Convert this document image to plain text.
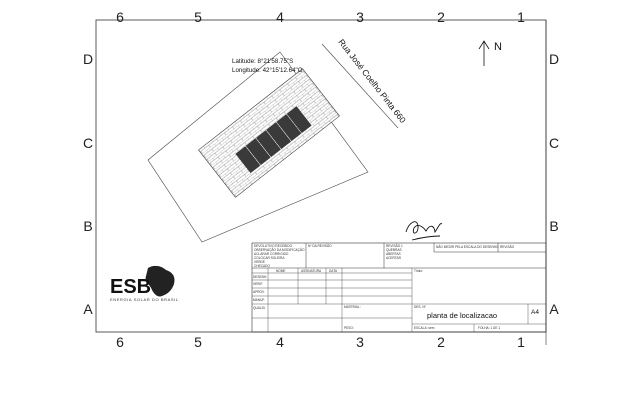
6	5	4	3	2	1
6	5	4	3	2	1
D
C
B
A
D
C
B
A
Latitude: 8°21'58.75"S
Longitude: 42°15'12.64"O	Rua José Coelho Pinta 660	N
ESB
ENERGIA SOLAR DO BRASIL
DEVOLUTIVO RECEBIDO
OBSERVAÇÃO DA MODIFICAÇÃO
ACLARAR CORRIGIDO
COLOCAR SOLEIRA
VERDE
CHECADO
Nº DA REVISÃO	REVISÃO 1
QUEBRAS
ABERTAS
ACERTAR
NÃO MEDIR PELA ESCALA DO DESENHO REVISÃO
NOME	ASSINATURA DATA
DESENH.
VERIF.
APROV.
MANUF.
QUALID.	MATERIAL:
Título:
DES. Nº
planta de localizacao	A4
PESO:	ESCALA: sem	FOLHA: 1 DE 1
